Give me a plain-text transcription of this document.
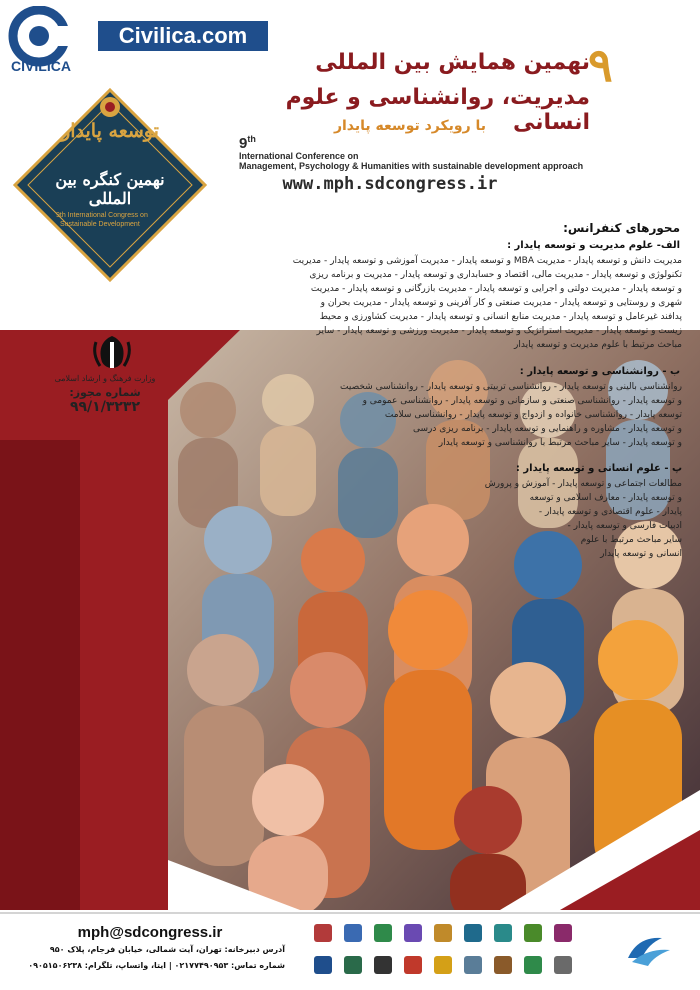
CIVILICA
Civilica.com
۹
نهمین همایش بین المللی
مدیریت، روانشناسی و علوم انسانی
با رویکرد توسعه پایدار
9th
International Conference on
Management, Psychology & Humanities with sustainable development approach
www.mph.sdcongress.ir
توسعه پایدار
نهمین کنگره بین المللی
9th International Congress on
Sustainable Development
وزارت فرهنگ و ارشاد اسلامی
شماره مجوز:
۹۹/۱/۳۲۳۲
محورهای کنفرانس:
الف- علوم مدیریت و توسعه پایدار :
مدیریت دانش و توسعه پایدار - مدیریت MBA و توسعه پایدار - مدیریت آموزشی و توسعه پایدار - مدیریت
تکنولوژی و توسعه پایدار - مدیریت مالی، اقتصاد و حسابداری و توسعه پایدار - مدیریت و برنامه ریزی
و توسعه پایدار - مدیریت دولتی و اجرایی و توسعه پایدار - مدیریت بازرگانی و توسعه پایدار - مدیریت
شهری و روستایی و توسعه پایدار - مدیریت صنعتی و کار آفرینی و توسعه پایدار - مدیریت بحران و
پدافند غیرعامل و توسعه پایدار - مدیریت منابع انسانی و توسعه پایدار - مدیریت کشاورزی و محیط
زیست و توسعه پایدار - مدیریت استراتژیک و توسعه پایدار - مدیریت ورزشی و توسعه پایدار - سایر
مباحث مرتبط با علوم مدیریت و توسعه پایدار
ب - روانشناسی و توسعه پایدار :
روانشناسی بالینی و توسعه پایدار - روانشناسی تربیتی و توسعه پایدار - روانشناسی شخصیت
و توسعه پایدار - روانشناسی صنعتی و سازمانی و توسعه پایدار - روانشناسی عمومی و
توسعه پایدار - روانشناسی خانواده و ازدواج و توسعه پایدار - روانشناسی سلامت
و توسعه پایدار - مشاوره و راهنمایی و توسعه پایدار - برنامه ریزی درسی
و توسعه پایدار - سایر مباحث مرتبط با روانشناسی و توسعه پایدار
پ - علوم انسانی و توسعه پایدار :
مطالعات اجتماعی و توسعه پایدار - آموزش و پرورش
و توسعه پایدار - معارف اسلامی و توسعه
پایدار - علوم اقتصادی و توسعه پایدار -
ادبیات فارسی و توسعه پایدار -
سایر مباحث مرتبط با علوم
انسانی و توسعه پایدار
mph@sdcongress.ir
آدرس دبیرخانه: تهران، آیت شمالی، خیابان فرجام، پلاک ۹۵۰
شماره تماس: ۰۲۱۷۷۴۹۰۹۵۳ | ایتا، واتساپ، تلگرام: ۰۹۰۵۱۵۰۶۲۳۸
